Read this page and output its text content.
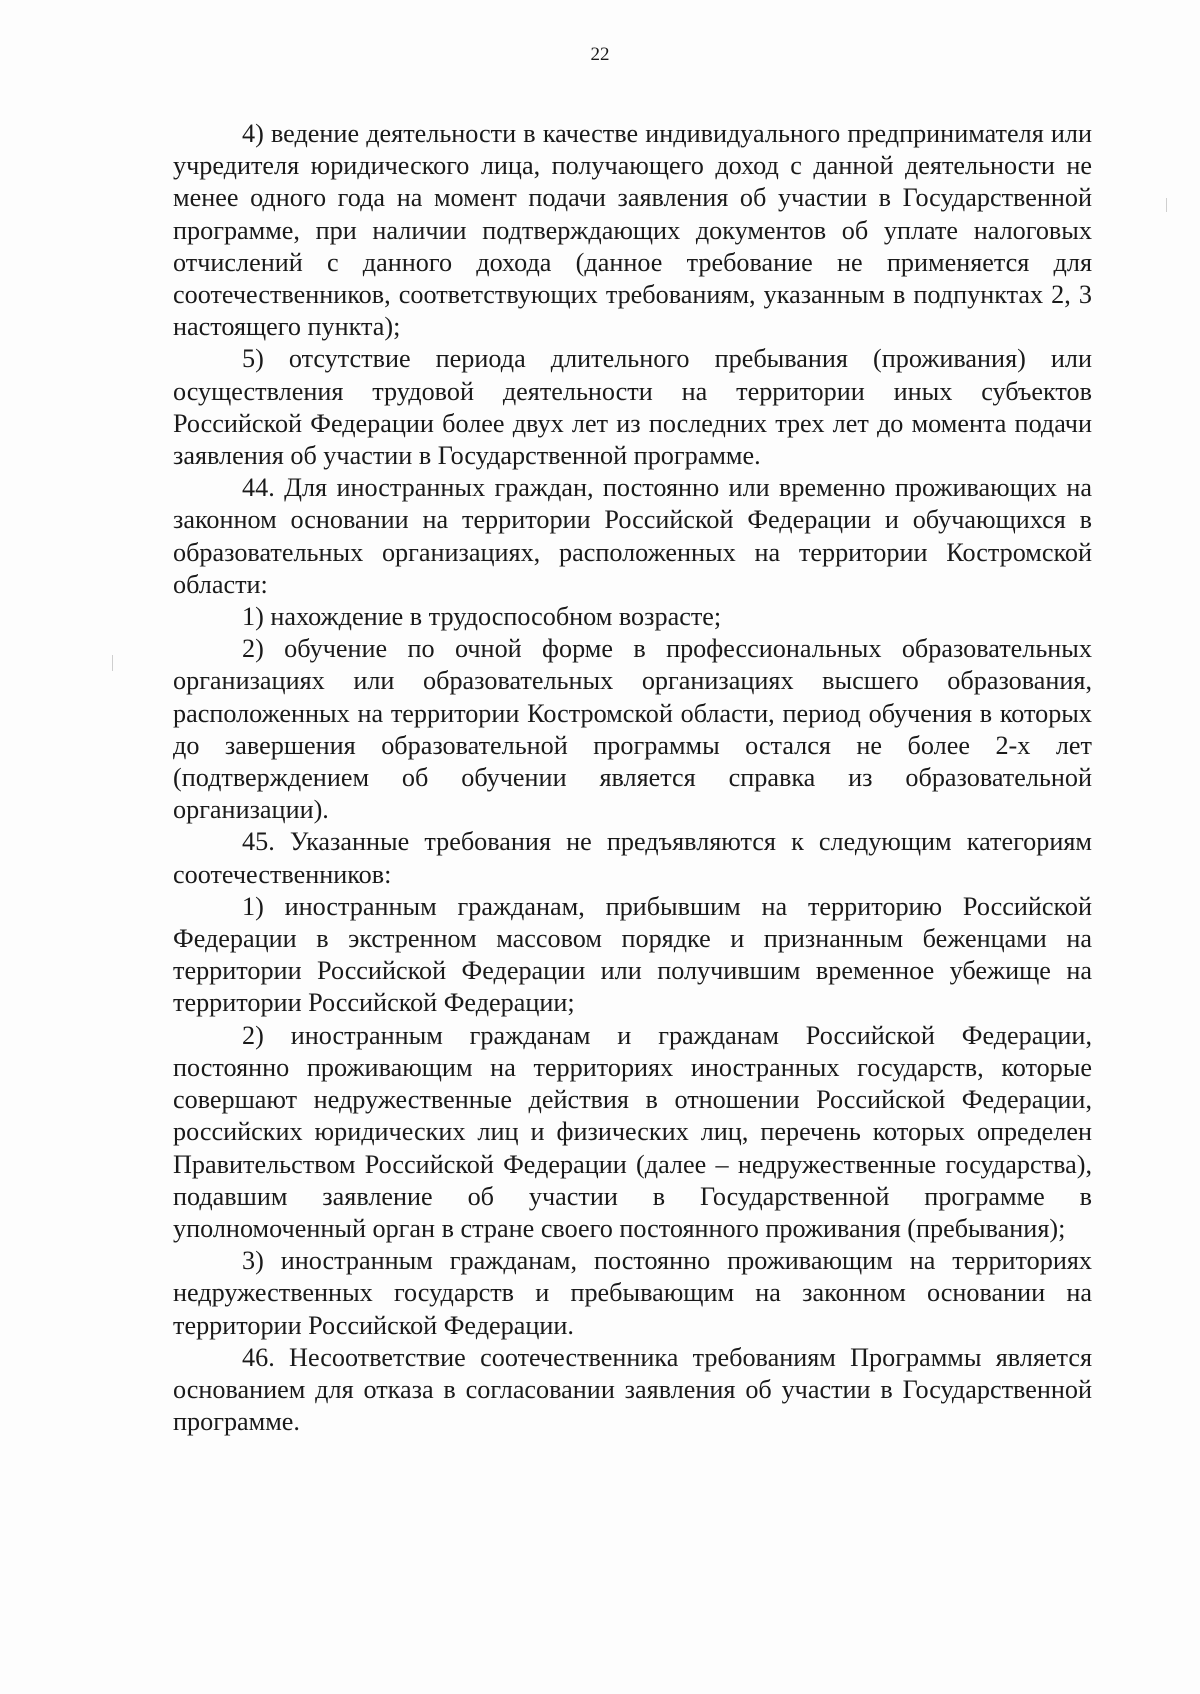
22

4) ведение деятельности в качестве индивидуального предпринимателя или учредителя юридического лица, получающего доход с данной деятельности не менее одного года на момент подачи заявления об участии в Государственной программе, при наличии подтверждающих документов об уплате налоговых отчислений с данного дохода (данное требование не применяется для соотечественников, соответствующих требованиям, указанным в подпунктах 2, 3 настоящего пункта);

5) отсутствие периода длительного пребывания (проживания) или осуществления трудовой деятельности на территории иных субъектов Российской Федерации более двух лет из последних трех лет до момента подачи заявления об участии в Государственной программе.

44. Для иностранных граждан, постоянно или временно проживающих на законном основании на территории Российской Федерации и обучающихся в образовательных организациях, расположенных на территории Костромской области:

1) нахождение в трудоспособном возрасте;

2) обучение по очной форме в профессиональных образовательных организациях или образовательных организациях высшего образования, расположенных на территории Костромской области, период обучения в которых до завершения образовательной программы остался не более 2-х лет (подтверждением об обучении является справка из образовательной организации).

45. Указанные требования не предъявляются к следующим категориям соотечественников:

1) иностранным гражданам, прибывшим на территорию Российской Федерации в экстренном массовом порядке и признанным беженцами на территории Российской Федерации или получившим временное убежище на территории Российской Федерации;

2) иностранным гражданам и гражданам Российской Федерации, постоянно проживающим на территориях иностранных государств, которые совершают недружественные действия в отношении Российской Федерации, российских юридических лиц и физических лиц, перечень которых определен Правительством Российской Федерации (далее – недружественные государства), подавшим заявление об участии в Государственной программе в уполномоченный орган в стране своего постоянного проживания (пребывания);

3) иностранным гражданам, постоянно проживающим на территориях недружественных государств и пребывающим на законном основании на территории Российской Федерации.

46. Несоответствие соотечественника требованиям Программы является основанием для отказа в согласовании заявления об участии в Государственной программе.
